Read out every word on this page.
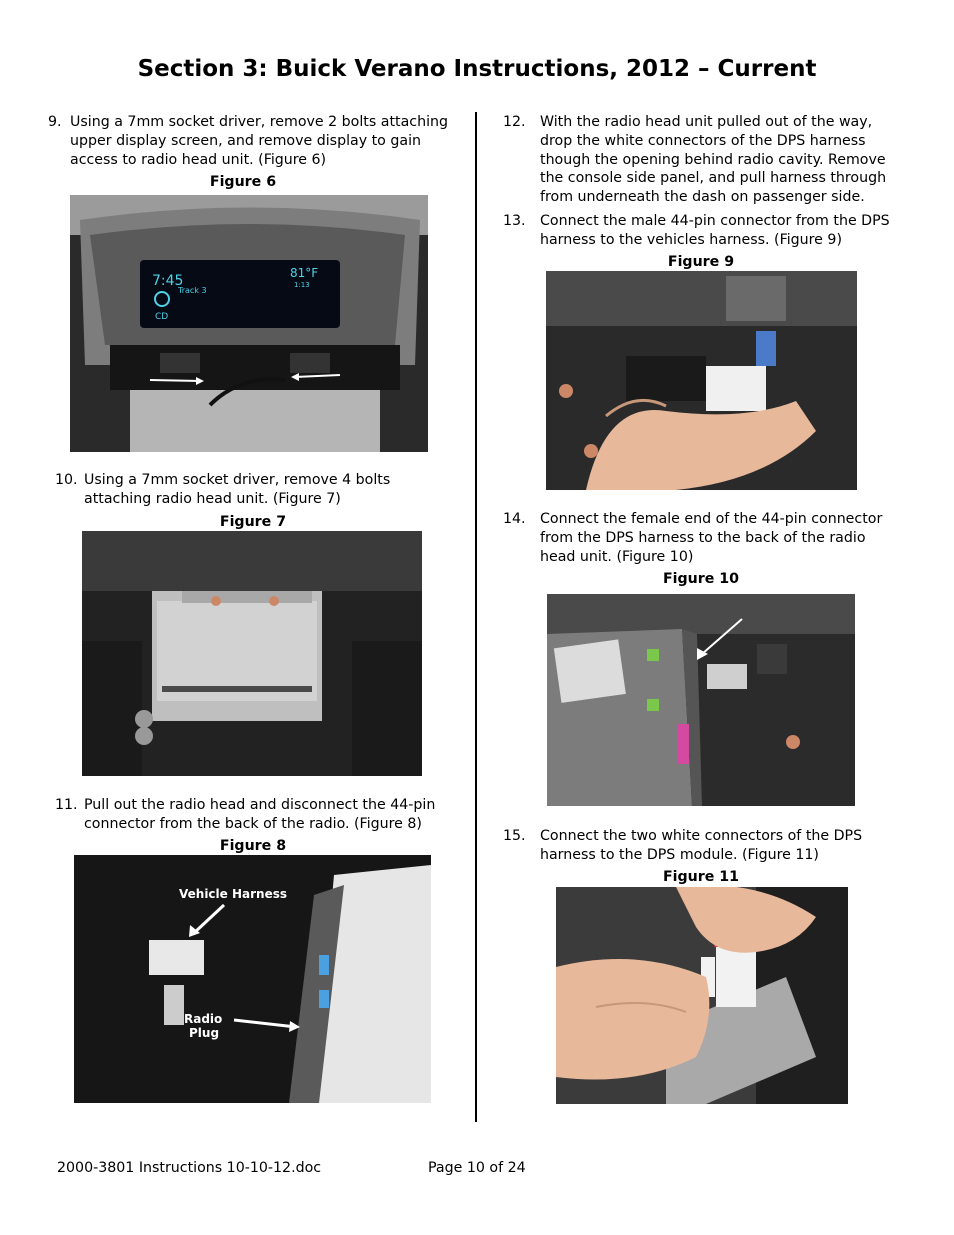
Section 3: Buick Verano Instructions, 2012 – Current
9. Using a 7mm socket driver, remove 2 bolts attaching upper display screen, and remove display to gain access to radio head unit. (Figure 6)
Figure 6
7:45
Track 3
81°F
1:13
CD
10. Using a 7mm socket driver, remove 4 bolts attaching radio head unit. (Figure 7)
Figure 7
11. Pull out the radio head and disconnect the 44-pin connector from the back of the radio. (Figure 8)
Figure 8
Vehicle Harness
Radio
Plug
12.	With the radio head unit pulled out of the way, drop the white connectors of the DPS harness though the opening behind radio cavity. Remove the console side panel, and pull harness through from underneath the dash on passenger side.
13.	Connect the male 44-pin connector from the DPS harness to the vehicles harness. (Figure 9)
Figure 9
14.	Connect the female end of the 44-pin connector from the DPS harness to the back of the radio head unit. (Figure 10)
Figure 10
15.	Connect the two white connectors of the DPS harness to the DPS module. (Figure 11)
Figure 11
2000-3801 Instructions 10-10-12.doc	Page 10 of 24
